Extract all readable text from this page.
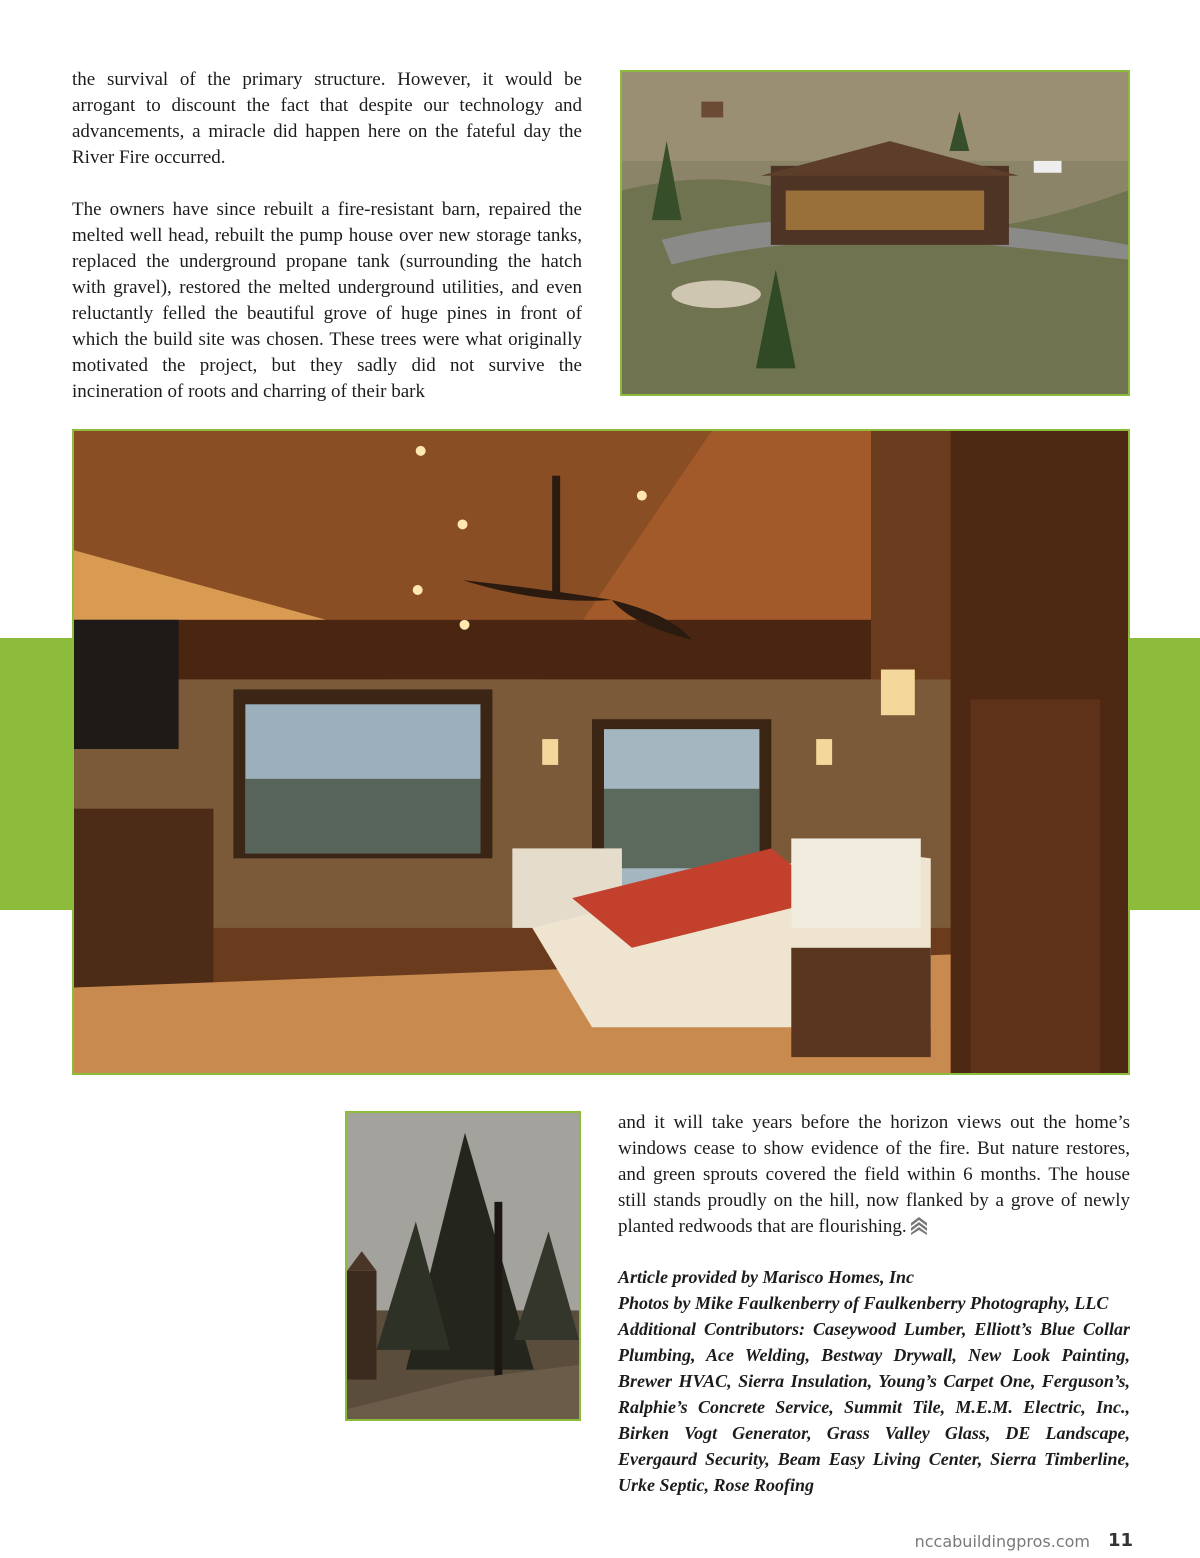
the survival of the primary structure. However, it would be arrogant to discount the fact that despite our technology and advancements, a miracle did happen here on the fateful day the River Fire occurred.

The owners have since rebuilt a fire-resistant barn, repaired the melted well head, rebuilt the pump house over new storage tanks, replaced the underground propane tank (surrounding the hatch with gravel), restored the melted underground utilities, and even reluctantly felled the beautiful grove of huge pines in front of which the build site was chosen. These trees were what originally motivated the project, but they sadly did not survive the incineration of roots and charring of their bark

and it will take years before the horizon views out the home’s windows cease to show evidence of the fire. But nature restores, and green sprouts covered the field within 6 months. The house still stands proudly on the hill, now flanked by a grove of newly planted redwoods that are flourishing.

Article provided by Marisco Homes, Inc
Photos by Mike Faulkenberry of Faulkenberry Photography, LLC
Additional Contributors: Caseywood Lumber, Elliott’s Blue Collar Plumbing, Ace Welding, Bestway Drywall, New Look Painting, Brewer HVAC, Sierra Insulation, Young’s Carpet One, Ferguson’s, Ralphie’s Concrete Service, Summit Tile, M.E.M. Electric, Inc., Birken Vogt Generator, Grass Valley Glass, DE Landscape, Evergaurd Security, Beam Easy Living Center, Sierra Timberline, Urke Septic, Rose Roofing
nccabuildingpros.com 11
